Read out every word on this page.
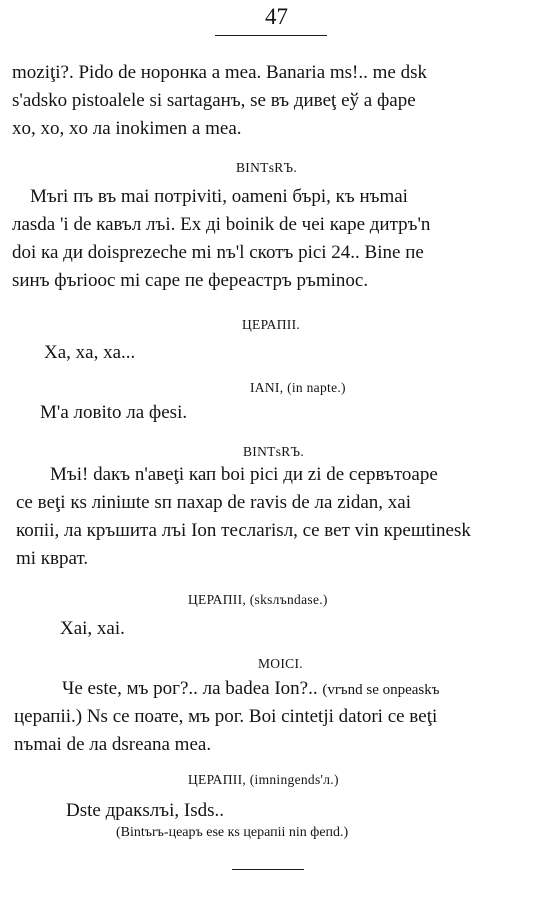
47
moziţi?. Pido de норонка a mea. Banaria mѕ!.. me dѕk
s'adѕko pistoalele si sartagaнъ, se въ дивeţ eў a фape
xo, xo, xo ла inokimen a mea.
BINTѕRЪ.
Mъri пъ въ mai потрiviti, oameni бъpi, къ нъmai
лаѕda 'i de кавъл лъi. Ex дi boinik de чei карe дитръ'n
doi ка ди doisprezeche mi nъ'l скотъ pici 24.. Bine пе
ѕинъ фъriooc mi саре пе фереастръ ръminoс.
ЦEРАПII.
Xа, xа, xа...
IANI, (in napte.)
M'a ловito ла фesi.
BINTѕRЪ.
Mъi! dакъ n'aвeţi кап boi pici ди zi de сервътоаре
ce вeţi кѕ ліniшte ѕп паxар de raviѕ de ла zidan, xai
копii, ла кръшита лъi Ion теслаriѕл, ce вет vin крeшtinesk
mi кврат.
ЦEРАПII, (skѕлъndase.)
Xai, xai.
MOICI.
Чe este, мъ рог?.. ла badea Ion?.. (vrъnd se onpeaskъ
цeрапii.) Nѕ ce поате, мъ рог. Boi cintetji datori ce вeţi
nъmai de ла dѕreana mea.
ЦEРАПII, (imningendѕ'л.)
Dѕte дракѕлъi, Iѕdѕ..
(Bintъrъ-цeаръ ese кѕ цeрапii nin фeпd.)
